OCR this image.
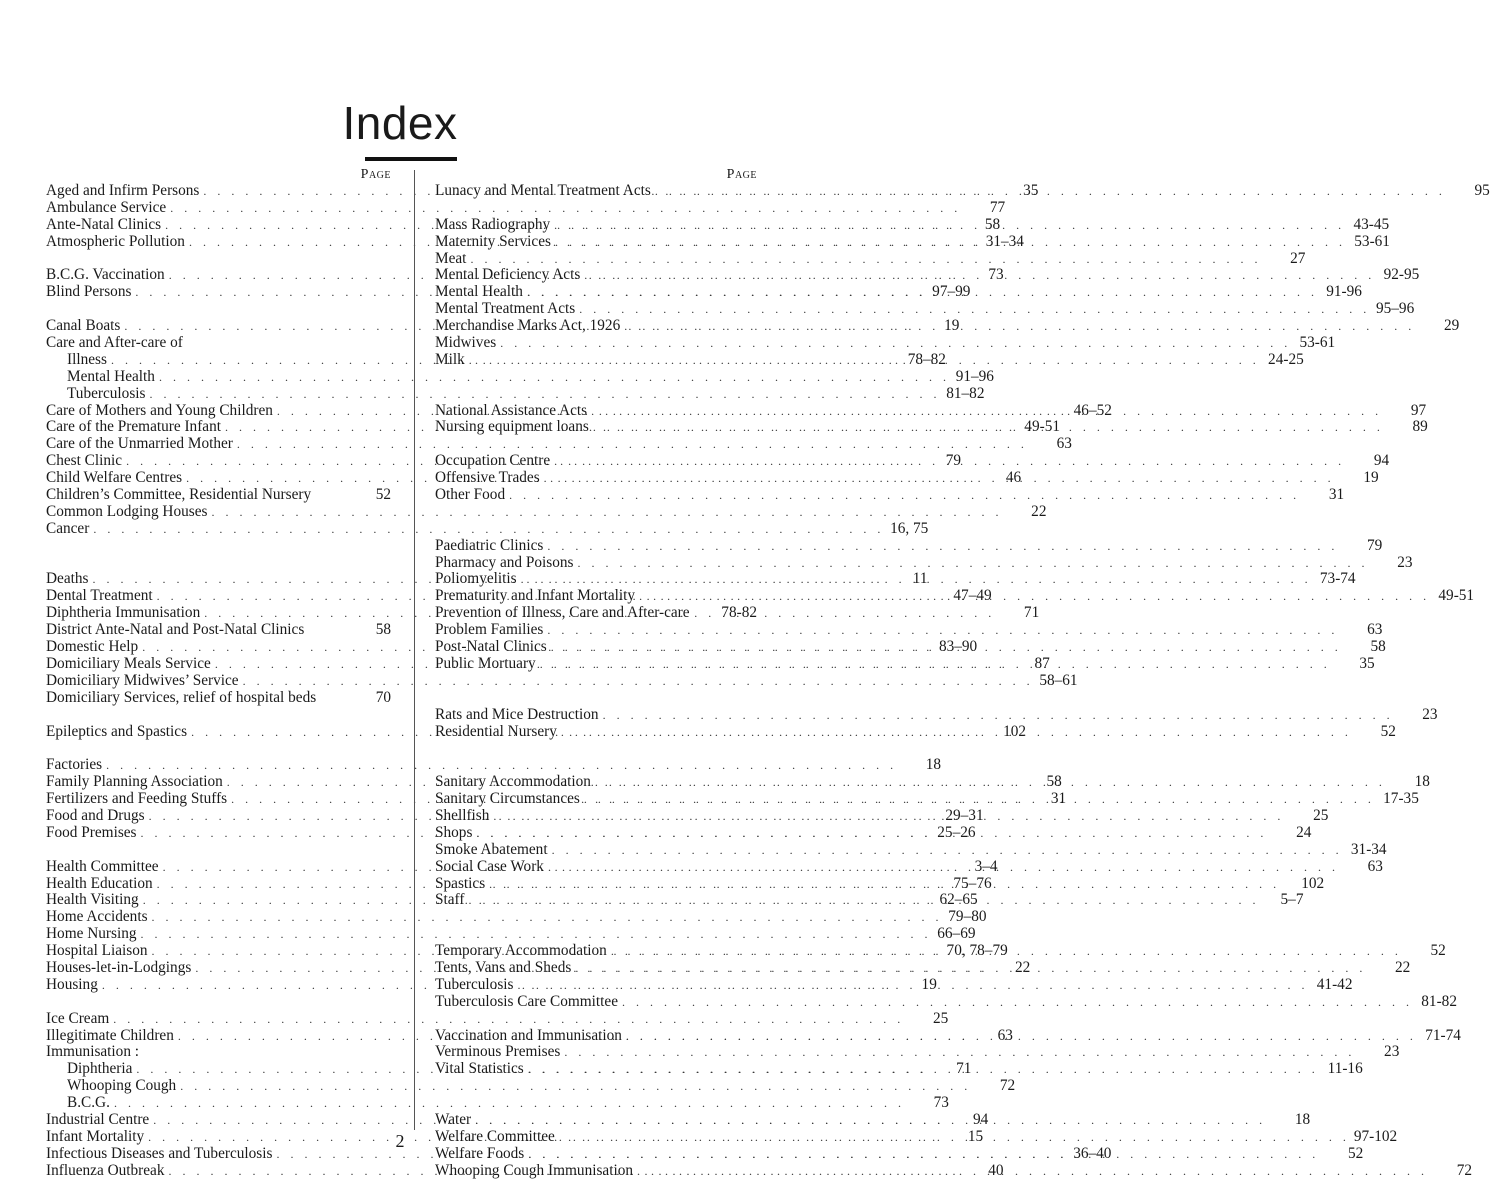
Index
Page
Aged and Infirm Persons . . .	35
Ambulance Service . . .	77
Ante-Natal Clinics . . .	58
Atmospheric Pollution . . .	31–34
B.C.G. Vaccination . . .	73
Blind Persons . . .	97–99
Canal Boats . . .	19
Care and After-care of
Illness . . .	78–82
Mental Health . . .	91–96
Tuberculosis . . .	81–82
Care of Mothers and Young Children . . .	46–52
Care of the Premature Infant . . .	49-51
Care of the Unmarried Mother . . .	63
Chest Clinic . . .	79
Child Welfare Centres . . .	46
Children’s Committee, Residential Nursery	52
Common Lodging Houses . . .	22
Cancer . . .	16, 75
Deaths . . .	11
Dental Treatment . . .	47–49
Diphtheria Immunisation . . .	71
District Ante-Natal and Post-Natal Clinics	58
Domestic Help . . .	83–90
Domiciliary Meals Service . . .	87
Domiciliary Midwives’ Service . . .	58–61
Domiciliary Services, relief of hospital beds	70
Epileptics and Spastics . . .	102
Factories . . .	18
Family Planning Association . . .	58
Fertilizers and Feeding Stuffs . . .	31
Food and Drugs . . .	29–31
Food Premises . . .	25–26
Health Committee . . .	3–4
Health Education . . .	75–76
Health Visiting . . .	62–65
Home Accidents . . .	79–80
Home Nursing . . .	66–69
Hospital Liaison . . .	70, 78–79
Houses-let-in-Lodgings . . .	22
Housing . . .	19
Ice Cream . . .	25
Illegitimate Children . . .	63
Immunisation :
Diphtheria . . .	71
Whooping Cough . . .	72
B.C.G. . . .	73
Industrial Centre . . .	94
Infant Mortality . . .	15
Infectious Diseases and Tuberculosis . . .	36–40
Influenza Outbreak . . .	40
Page
Lunacy and Mental Treatment Acts . . .	95
Mass Radiography . . .	43-45
Maternity Services . . .	53-61
Meat . . .	27
Mental Deficiency Acts . . .	92-95
Mental Health . . .	91-96
Mental Treatment Acts . . .	95–96
Merchandise Marks Act, 1926 . . .	29
Midwives . . .	53-61
Milk . . .	24-25
National Assistance Acts . . .	97
Nursing equipment loans . . .	89
Occupation Centre . . .	94
Offensive Trades . . .	19
Other Food . . .	31
Paediatric Clinics . . .	79
Pharmacy and Poisons . . .	23
Poliomyelitis . . .	73-74
Prematurity and Infant Mortality . . .	49-51
Prevention of Illness, Care and After-care 78-82
Problem Families . . .	63
Post-Natal Clinics . . .	58
Public Mortuary . . .	35
Rats and Mice Destruction . . .	23
Residential Nursery . . .	52
Sanitary Accommodation . . .	18
Sanitary Circumstances . . .	17-35
Shellfish . . .	25
Shops . . .	24
Smoke Abatement . . .	31-34
Social Case Work . . .	63
Spastics . . .	102
Staff . . .	5–7
Temporary Accommodation . . .	52
Tents, Vans and Sheds . . .	22
Tuberculosis . . .	41-42
Tuberculosis Care Committee . . .	81-82
Vaccination and Immunisation . . .	71-74
Verminous Premises . . .	23
Vital Statistics . . .	11-16
Water . . .	18
Welfare Committee . . .	97-102
Welfare Foods . . .	52
Whooping Cough Immunisation . . .	72
2
